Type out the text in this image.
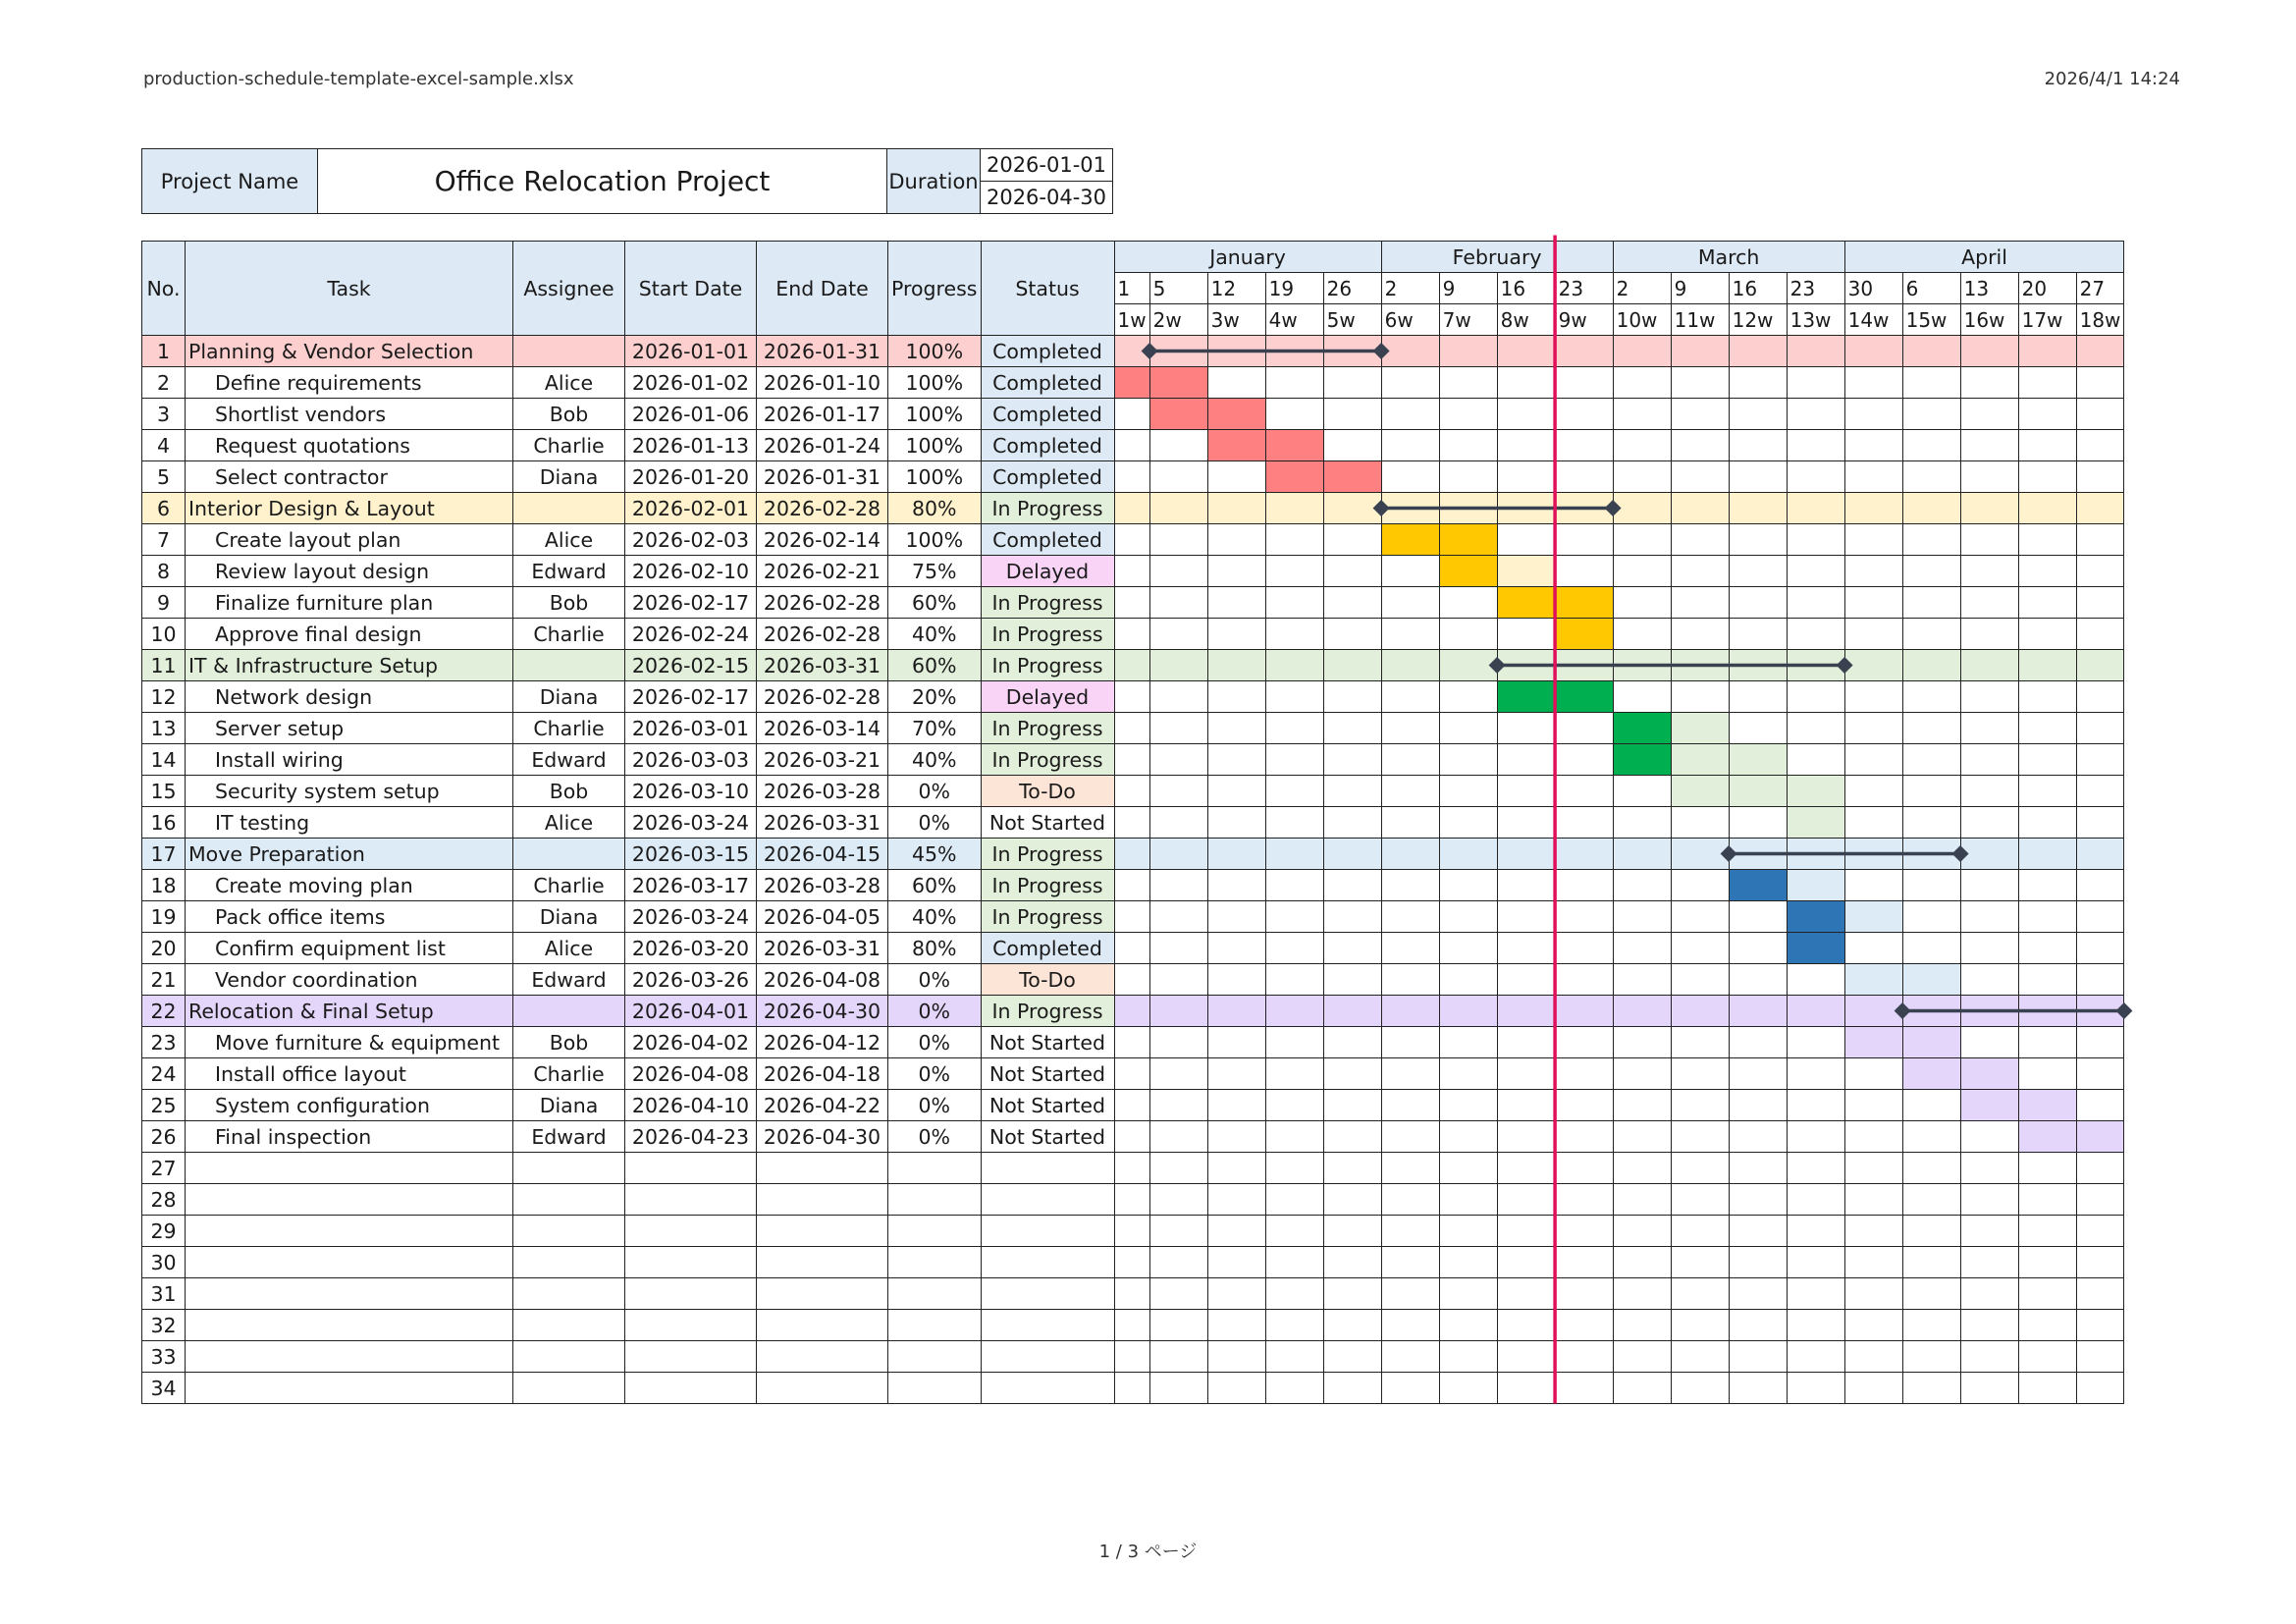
production-schedule-template-excel-sample.xlsx	2026/4/1 14:24
Project Name	Office Relocation Project	Duration	2026-01-01
2026-04-30
No.	Task	Assignee	Start Date	End Date	Progress	Status	January					February				March				April				
							1	5	12	19	26	2	9	16	23	2	9	16	23	30	6	13	20	27
							1w	2w	3w	4w	5w	6w	7w	8w	9w	10w	11w	12w	13w	14w	15w	16w	17w	18w
1	Planning & Vendor Selection		2026-01-01	2026-01-31	100%	Completed																		
2	Define requirements	Alice	2026-01-02	2026-01-10	100%	Completed																		
3	Shortlist vendors	Bob	2026-01-06	2026-01-17	100%	Completed																		
4	Request quotations	Charlie	2026-01-13	2026-01-24	100%	Completed																		
5	Select contractor	Diana	2026-01-20	2026-01-31	100%	Completed																		
6	Interior Design & Layout		2026-02-01	2026-02-28	80%	In Progress																		
7	Create layout plan	Alice	2026-02-03	2026-02-14	100%	Completed																		
8	Review layout design	Edward	2026-02-10	2026-02-21	75%	Delayed																		
9	Finalize furniture plan	Bob	2026-02-17	2026-02-28	60%	In Progress																		
10	Approve final design	Charlie	2026-02-24	2026-02-28	40%	In Progress																		
11	IT & Infrastructure Setup		2026-02-15	2026-03-31	60%	In Progress																		
12	Network design	Diana	2026-02-17	2026-02-28	20%	Delayed																		
13	Server setup	Charlie	2026-03-01	2026-03-14	70%	In Progress																		
14	Install wiring	Edward	2026-03-03	2026-03-21	40%	In Progress																		
15	Security system setup	Bob	2026-03-10	2026-03-28	0%	To-Do																		
16	IT testing	Alice	2026-03-24	2026-03-31	0%	Not Started																		
17	Move Preparation		2026-03-15	2026-04-15	45%	In Progress																		
18	Create moving plan	Charlie	2026-03-17	2026-03-28	60%	In Progress																		
19	Pack office items	Diana	2026-03-24	2026-04-05	40%	In Progress																		
20	Confirm equipment list	Alice	2026-03-20	2026-03-31	80%	Completed																		
21	Vendor coordination	Edward	2026-03-26	2026-04-08	0%	To-Do																		
22	Relocation & Final Setup		2026-04-01	2026-04-30	0%	In Progress																		
23	Move furniture & equipment	Bob	2026-04-02	2026-04-12	0%	Not Started																		
24	Install office layout	Charlie	2026-04-08	2026-04-18	0%	Not Started																		
25	System configuration	Diana	2026-04-10	2026-04-22	0%	Not Started																		
26	Final inspection	Edward	2026-04-23	2026-04-30	0%	Not Started																		
27																								
28																								
29																								
30																								
31																								
32																								
33																								
34																								
1 / 3 ページ
